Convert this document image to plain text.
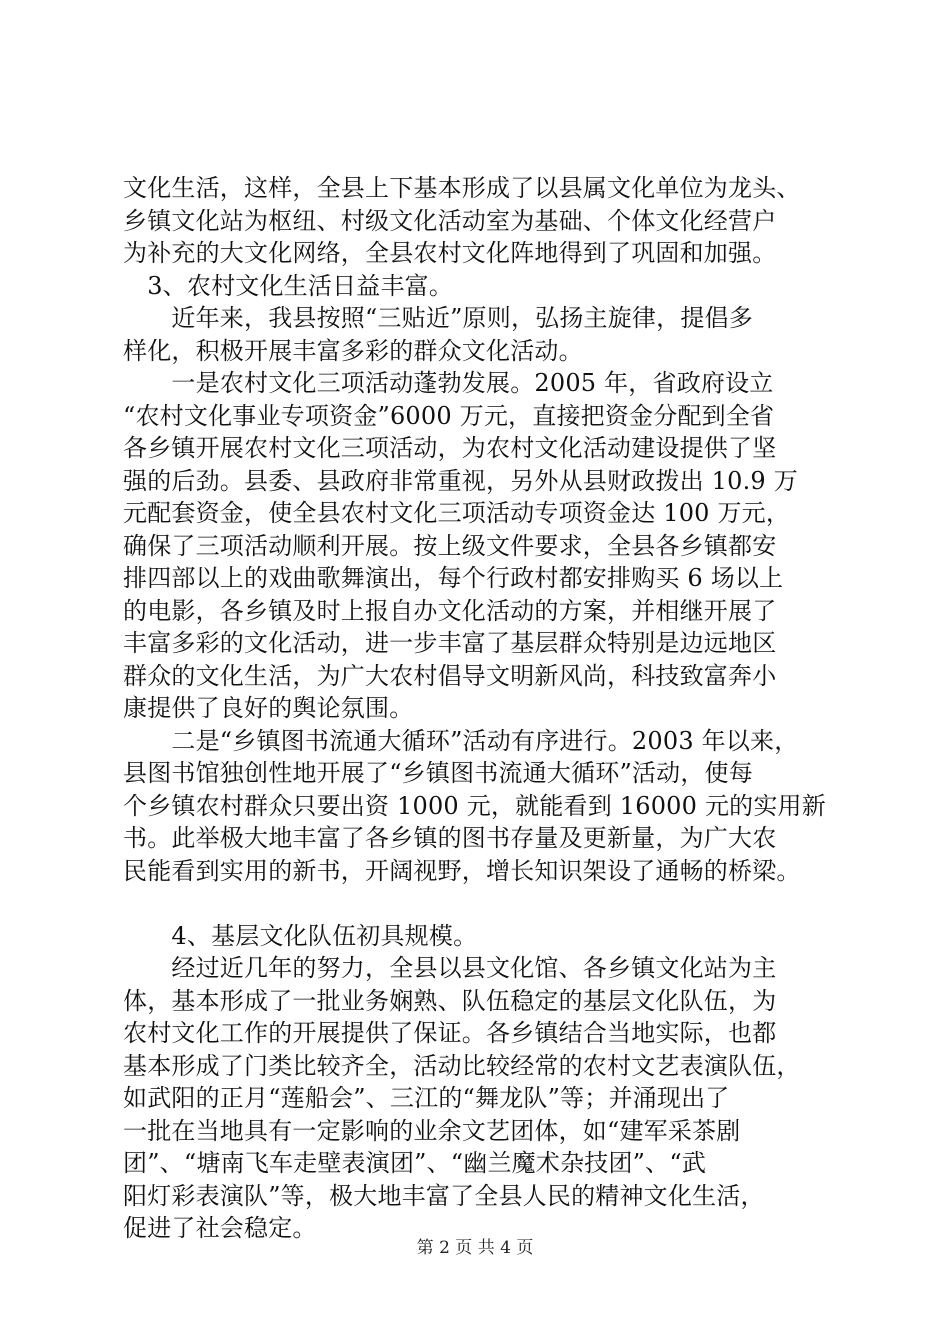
文化生活，这样，全县上下基本形成了以县属文化单位为龙头、
乡镇文化站为枢纽、村级文化活动室为基础、个体文化经营户
为补充的大文化网络，全县农村文化阵地得到了巩固和加强。
　3、农村文化生活日益丰富。
　　近年来，我县按照“三贴近”原则，弘扬主旋律，提倡多
样化，积极开展丰富多彩的群众文化活动。
　　一是农村文化三项活动蓬勃发展。2005 年，省政府设立
“农村文化事业专项资金”6000 万元，直接把资金分配到全省
各乡镇开展农村文化三项活动，为农村文化活动建设提供了坚
强的后劲。县委、县政府非常重视，另外从县财政拨出 10.9 万
元配套资金，使全县农村文化三项活动专项资金达 100 万元，
确保了三项活动顺利开展。按上级文件要求，全县各乡镇都安
排四部以上的戏曲歌舞演出，每个行政村都安排购买 6 场以上
的电影，各乡镇及时上报自办文化活动的方案，并相继开展了
丰富多彩的文化活动，进一步丰富了基层群众特别是边远地区
群众的文化生活，为广大农村倡导文明新风尚，科技致富奔小
康提供了良好的舆论氛围。
　　二是“乡镇图书流通大循环”活动有序进行。2003 年以来，
县图书馆独创性地开展了“乡镇图书流通大循环”活动，使每
个乡镇农村群众只要出资 1000 元，就能看到 16000 元的实用新
书。此举极大地丰富了各乡镇的图书存量及更新量，为广大农
民能看到实用的新书，开阔视野，增长知识架设了通畅的桥梁。
　　4、基层文化队伍初具规模。
　　经过近几年的努力，全县以县文化馆、各乡镇文化站为主
体，基本形成了一批业务娴熟、队伍稳定的基层文化队伍，为
农村文化工作的开展提供了保证。各乡镇结合当地实际，也都
基本形成了门类比较齐全，活动比较经常的农村文艺表演队伍，
如武阳的正月“莲船会”、三江的“舞龙队”等；并涌现出了
一批在当地具有一定影响的业余文艺团体，如“建军采茶剧
团”、“塘南飞车走壁表演团”、“幽兰魔术杂技团”、“武
阳灯彩表演队”等，极大地丰富了全县人民的精神文化生活，
促进了社会稳定。
第 2 页 共 4 页
